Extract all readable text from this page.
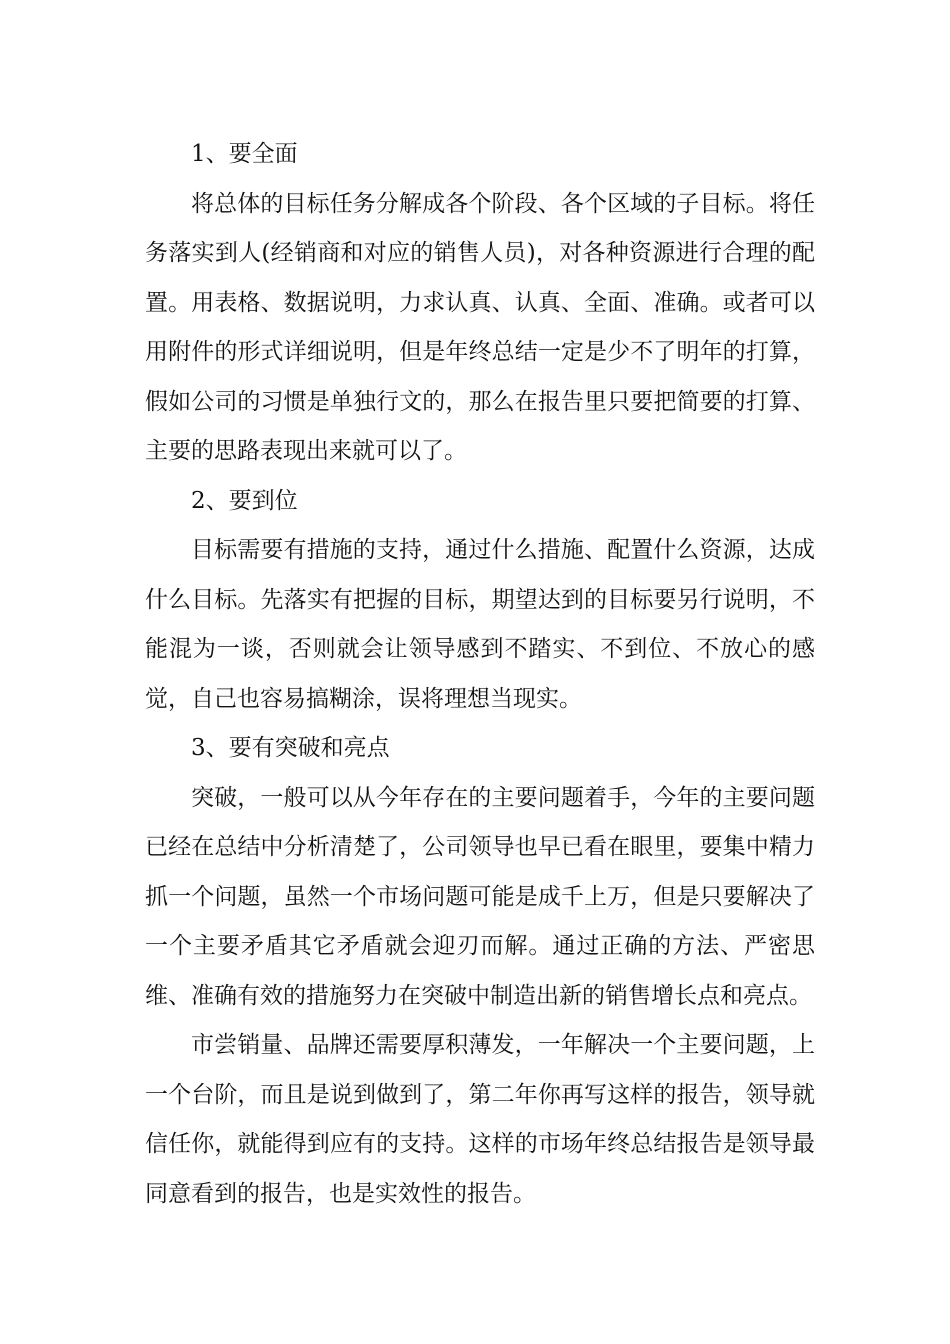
1、要全面

将总体的目标任务分解成各个阶段、各个区域的子目标。将任务落实到人(经销商和对应的销售人员)，对各种资源进行合理的配置。用表格、数据说明，力求认真、认真、全面、准确。或者可以用附件的形式详细说明，但是年终总结一定是少不了明年的打算，假如公司的习惯是单独行文的，那么在报告里只要把简要的打算、主要的思路表现出来就可以了。

2、要到位

目标需要有措施的支持，通过什么措施、配置什么资源，达成什么目标。先落实有把握的目标，期望达到的目标要另行说明，不能混为一谈，否则就会让领导感到不踏实、不到位、不放心的感觉，自己也容易搞糊涂，误将理想当现实。

3、要有突破和亮点

突破，一般可以从今年存在的主要问题着手，今年的主要问题已经在总结中分析清楚了，公司领导也早已看在眼里，要集中精力抓一个问题，虽然一个市场问题可能是成千上万，但是只要解决了一个主要矛盾其它矛盾就会迎刃而解。通过正确的方法、严密思维、准确有效的措施努力在突破中制造出新的销售增长点和亮点。

市尝销量、品牌还需要厚积薄发，一年解决一个主要问题，上一个台阶，而且是说到做到了，第二年你再写这样的报告，领导就信任你，就能得到应有的支持。这样的市场年终总结报告是领导最同意看到的报告，也是实效性的报告。
